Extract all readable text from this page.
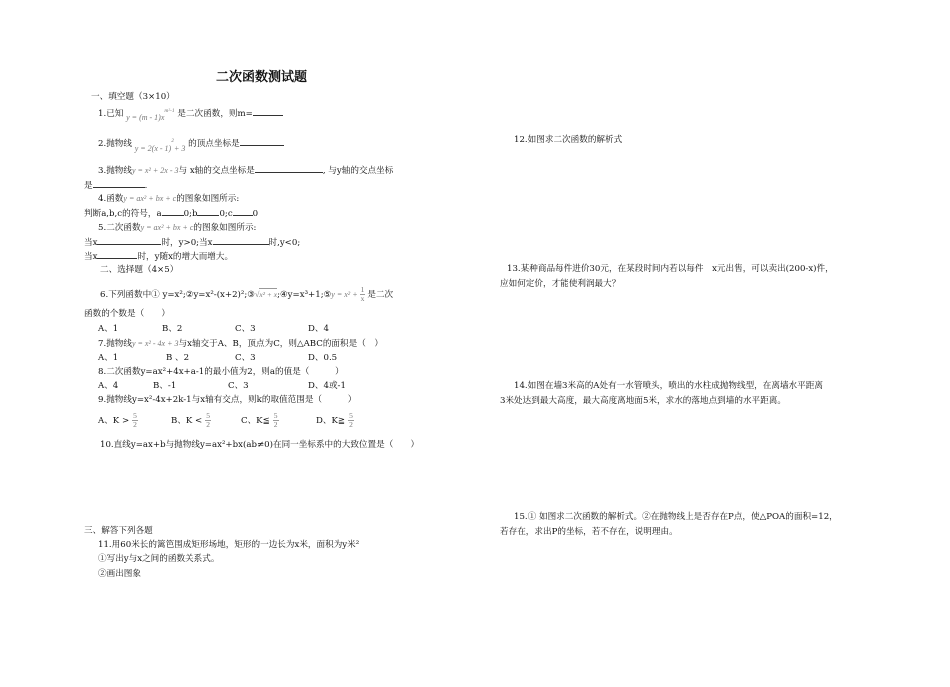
二次函数测试题
一、填空题（3×10）
1.已知 $y = (m - 1)x^{m^2-1}$ 是二次函数，则m=
2.抛物线 y = 2(x - 1)$^2$+ 3 的顶点坐标是
3.抛物线y = x² + 2x - 3与 x轴的交点坐标是	, 与y轴的交点坐标
是	.
4.函数y = ax² + bx + c的图象如图所示:
判断a,b,c的符号，a	0;b	0;c 0
5.二次函数y = ax² + bx + c的图象如图所示:
当x	时，y>0;当x	时,y<0;
当x	时，y随x的增大而增大。
二、选择题（4×5）
6.下列函数中① y=x²;②y=x²-(x+2)²;③√x² + x;④y=x³+1;⑤y = $x^2 + \frac{1}{x}$ 是二次
函数的个数是（　　）
A、1	B、2	C、3	D、4
7.抛物线y = x² - 4x + 3与x轴交于A、B，顶点为C，则△ABC的面积是（　）
A、1	B 、2	C、3	D、0.5
8.二次函数y=ax²+4x+a-1的最小值为2，则a的值是（　　　）
A、4	B、-1	C、3	D、4或-1
9.抛物线y=x²-4x+2k-1与x轴有交点，则k的取值范围是（　　　）
A、$K > \frac{5}{2}$	B、$K < \frac{5}{2}$	C、K≦ $\frac{5}{2}$	D、K≧ $\frac{5}{2}$
10.直线y=ax+b与抛物线y=ax²+bx(ab≠0)在同一坐标系中的大致位置是（　　）
三、解答下列各题
11.用60米长的篱笆围成矩形场地，矩形的一边长为x米，面积为y米²
①写出y与x之间的函数关系式。
②画出图象
12.如图求二次函数的解析式
13.某种商品每件进价30元，在某段时间内若以每件　x元出售，可以卖出(200-x)件，
应如何定价，才能使利润最大？
14.如图在墙3米高的A处有一水管喷头，喷出的水柱成抛物线型，在离墙水平距离
3米处达到最大高度，最大高度离地面5米，求水的落地点到墙的水平距离。
15.① 如图求二次函数的解析式。②在抛物线上是否存在P点，使△POA的面积=12，
若存在，求出P的坐标，若不存在，说明理由。
